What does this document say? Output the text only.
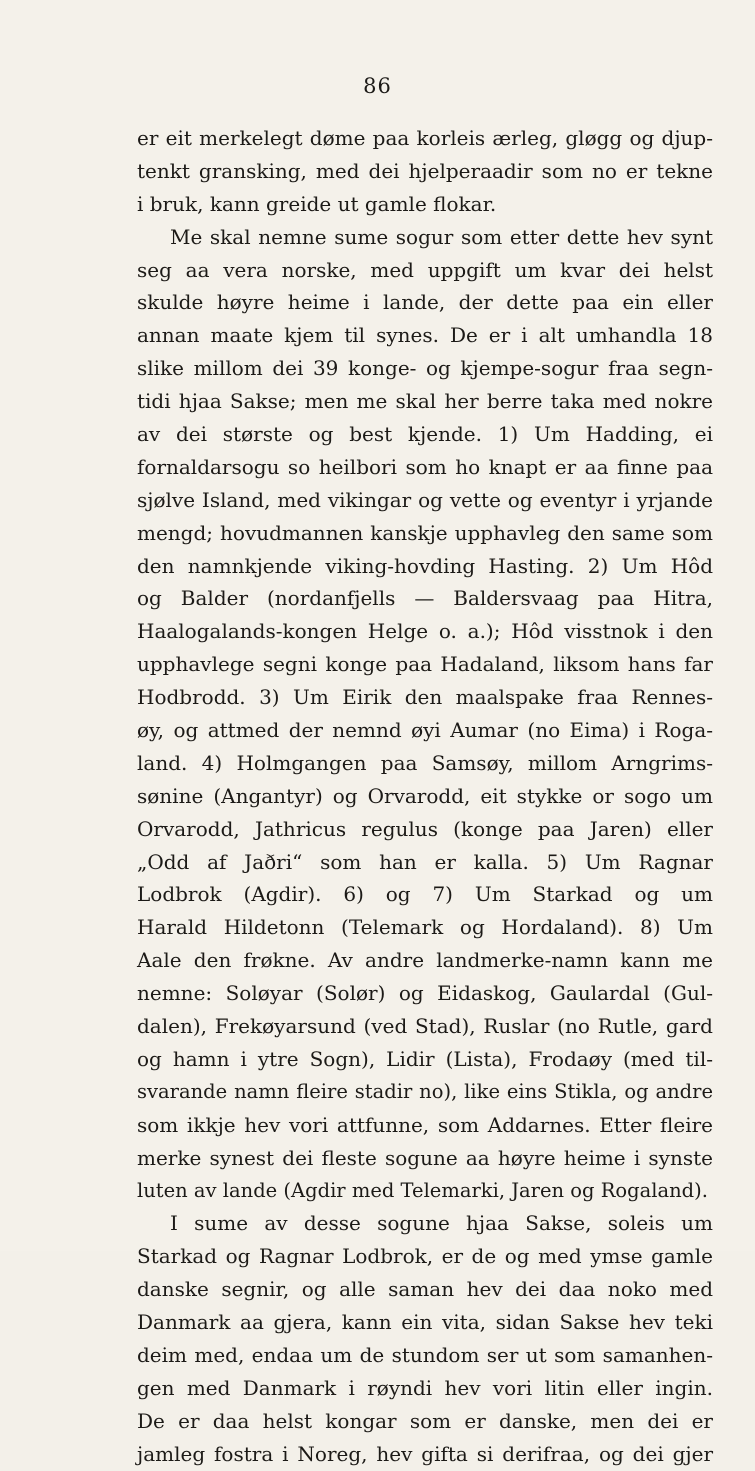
86
er eit merkelegt døme paa korleis ærleg, gløgg og djup-
tenkt gransking, med dei hjelperaadir som no er tekne
i bruk, kann greide ut gamle flokar.
Me skal nemne sume sogur som etter dette hev synt
seg aa vera norske, med uppgift um kvar dei helst
skulde høyre heime i lande, der dette paa ein eller
annan maate kjem til synes. De er i alt umhandla 18
slike millom dei 39 konge- og kjempe-sogur fraa segn-
tidi hjaa Sakse; men me skal her berre taka med nokre
av dei største og best kjende. 1) Um Hadding, ei
fornaldarsogu so heilbori som ho knapt er aa finne paa
sjølve Island, med vikingar og vette og eventyr i yrjande
mengd; hovudmannen kanskje upphavleg den same som
den namnkjende viking-hovding Hasting. 2) Um Hôd
og Balder (nordanfjells — Baldersvaag paa Hitra,
Haalogalands-kongen Helge o. a.); Hôd visstnok i den
upphavlege segni konge paa Hadaland, liksom hans far
Hodbrodd. 3) Um Eirik den maalspake fraa Rennes-
øy, og attmed der nemnd øyi Aumar (no Eima) i Roga-
land. 4) Holmgangen paa Samsøy, millom Arngrims-
sønine (Angantyr) og Orvarodd, eit stykke or sogo um
Orvarodd, Jathricus regulus (konge paa Jaren) eller
„Odd af Jaðri“ som han er kalla. 5) Um Ragnar
Lodbrok (Agdir). 6) og 7) Um Starkad og um
Harald Hildetonn (Telemark og Hordaland). 8) Um
Aale den frøkne. Av andre landmerke-namn kann me
nemne: Soløyar (Solør) og Eidaskog, Gaulardal (Gul-
dalen), Frekøyarsund (ved Stad), Ruslar (no Rutle, gard
og hamn i ytre Sogn), Lidir (Lista), Frodaøy (med til-
svarande namn fleire stadir no), like eins Stikla, og andre
som ikkje hev vori attfunne, som Addarnes. Etter fleire
merke synest dei fleste sogune aa høyre heime i synste
luten av lande (Agdir med Telemarki, Jaren og Rogaland).
I sume av desse sogune hjaa Sakse, soleis um
Starkad og Ragnar Lodbrok, er de og med ymse gamle
danske segnir, og alle saman hev dei daa noko med
Danmark aa gjera, kann ein vita, sidan Sakse hev teki
deim med, endaa um de stundom ser ut som samanhen-
gen med Danmark i røyndi hev vori litin eller ingin.
De er daa helst kongar som er danske, men dei er
jamleg fostra i Noreg, hev gifta si derifraa, og dei gjer
